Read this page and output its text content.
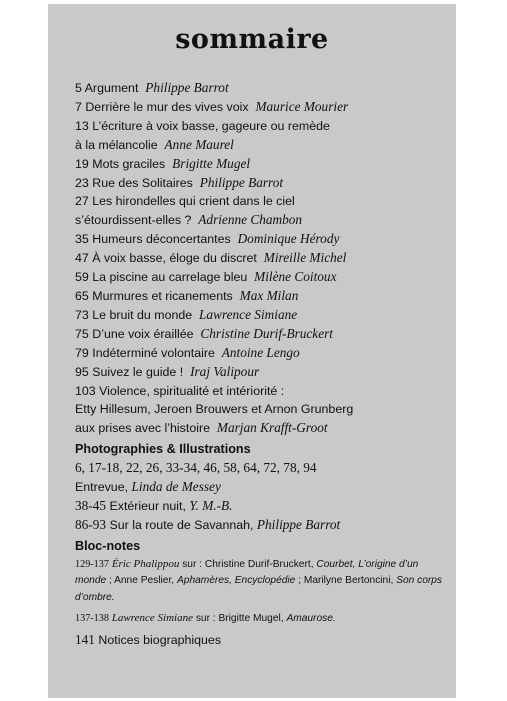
sommaire
5 Argument Philippe Barrot
7 Derrière le mur des vives voix Maurice Mourier
13 L’écriture à voix basse, gageure ou remède
à la mélancolie Anne Maurel
19 Mots graciles Brigitte Mugel
23 Rue des Solitaires Philippe Barrot
27 Les hirondelles qui crient dans le ciel
s’étourdissent-elles ? Adrienne Chambon
35 Humeurs déconcertantes Dominique Hérody
47 À voix basse, éloge du discret Mireille Michel
59 La piscine au carrelage bleu Milène Coitoux
65 Murmures et ricanements Max Milan
73 Le bruit du monde Lawrence Simiane
75 D’une voix éraillée Christine Durif-Bruckert
79 Indéterminé volontaire Antoine Lengo
95 Suivez le guide ! Iraj Valipour
103 Violence, spiritualité et intériorité :
Etty Hillesum, Jeroen Brouwers et Arnon Grunberg
aux prises avec l’histoire Marjan Krafft-Groot
Photographies & Illustrations
6, 17-18, 22, 26, 33-34, 46, 58, 64, 72, 78, 94
Entrevue, Linda de Messey
38-45 Extérieur nuit, Y. M.-B.
86-93 Sur la route de Savannah, Philippe Barrot
Bloc-notes
129-137 Éric Phalippou sur : Christine Durif-Bruckert, Courbet, L’origine d’un monde ; Anne Peslier, Aphamères, Encyclopédie ; Marilyne Bertoncini, Son corps d’ombre.
137-138 Lawrence Simiane sur : Brigitte Mugel, Amaurose.
141 Notices biographiques
